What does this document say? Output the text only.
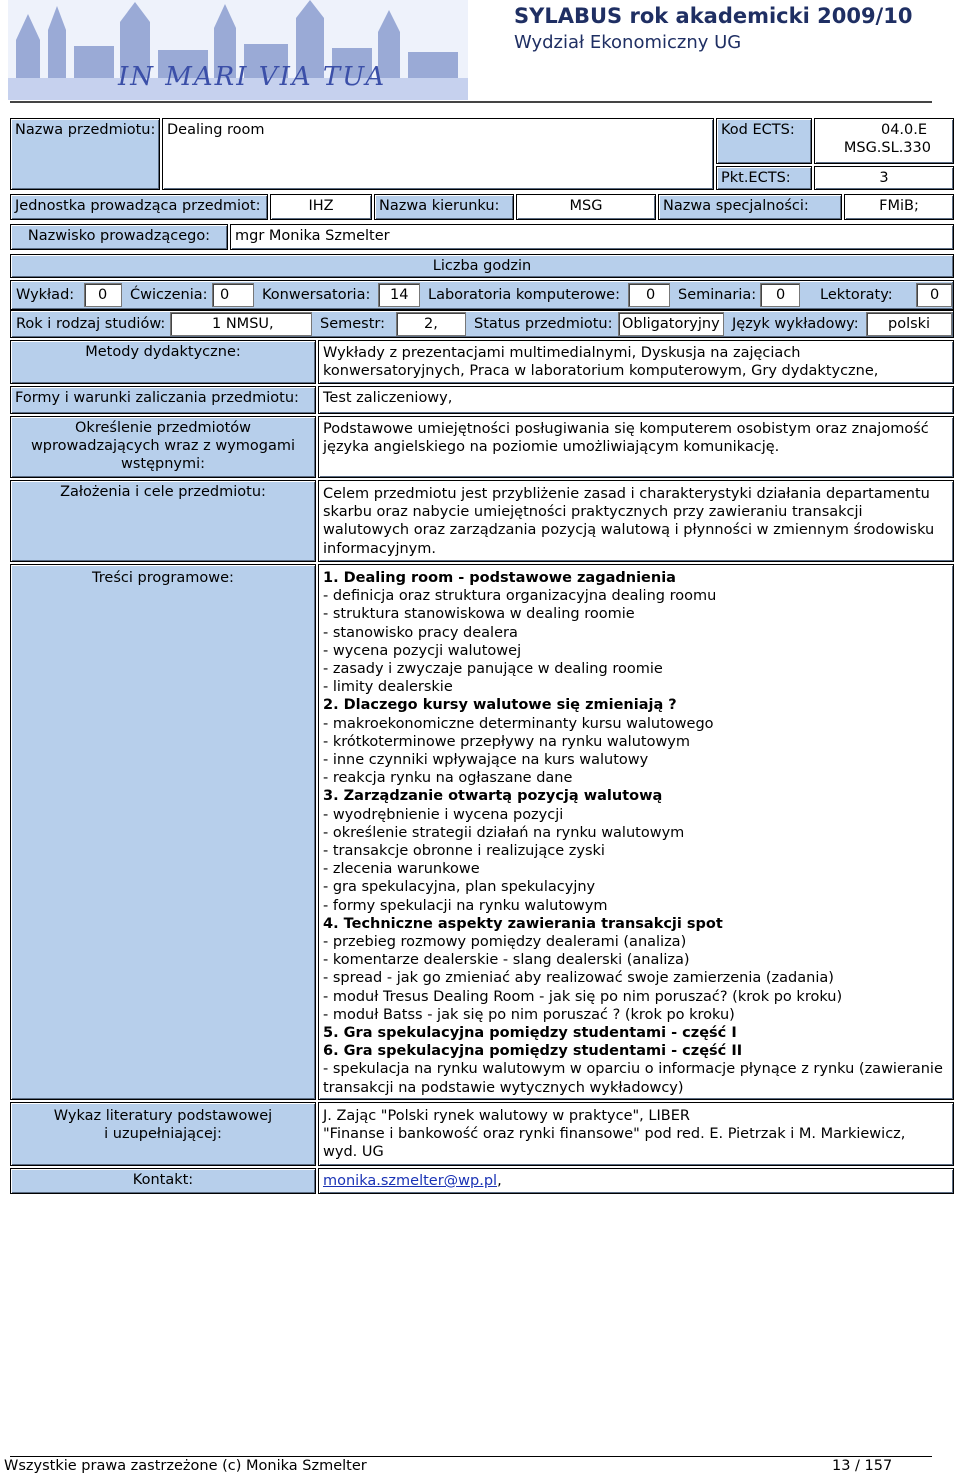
IN MARI VIA TUA
SYLABUS rok akademicki 2009/10
Wydział Ekonomiczny UG
Nazwa przedmiotu: Dealing room	Kod ECTS:	04.0.E
MSG.SL.330
Pkt.ECTS:	3
Jednostka prowadząca przedmiot:	IHZ	Nazwa kierunku:	MSG	Nazwa specjalności:	FMiB;
Nazwisko prowadzącego:	mgr Monika Szmelter
Liczba godzin
Wykład: 0 Ćwiczenia: 0 Konwersatoria: 14 Laboratoria komputerowe: 0 Seminaria: 0 Lektoraty:	0
Rok i rodzaj studiów:	1 NMSU,	Semestr:	2, Status przedmiotu: Obligatoryjny Język wykładowy: polski
Metody dydaktyczne:	Wykłady z prezentacjami multimedialnymi, Dyskusja na zajęciach
konwersatoryjnych, Praca w laboratorium komputerowym, Gry dydaktyczne,
Formy i warunki zaliczania przedmiotu:	Test zaliczeniowy,
Określenie przedmiotów
wprowadzających wraz z wymogami
wstępnymi:
Podstawowe umiejętności posługiwania się komputerem osobistym oraz znajomość
języka angielskiego na poziomie umożliwiającym komunikację.
Założenia i cele przedmiotu:	Celem przedmiotu jest przybliżenie zasad i charakterystyki działania departamentu
skarbu oraz nabycie umiejętności praktycznych przy zawieraniu transakcji
walutowych oraz zarządzania pozycją walutową i płynności w zmiennym środowisku
informacyjnym.
Treści programowe:	1. Dealing room - podstawowe zagadnienia
- definicja oraz struktura organizacyjna dealing roomu
- struktura stanowiskowa w dealing roomie
- stanowisko pracy dealera
- wycena pozycji walutowej
- zasady i zwyczaje panujące w dealing roomie
- limity dealerskie
2. Dlaczego kursy walutowe się zmieniają ?
- makroekonomiczne determinanty kursu walutowego
- krótkoterminowe przepływy na rynku walutowym
- inne czynniki wpływające na kurs walutowy
- reakcja rynku na ogłaszane dane
3. Zarządzanie otwartą pozycją walutową
- wyodrębnienie i wycena pozycji
- określenie strategii działań na rynku walutowym
- transakcje obronne i realizujące zyski
- zlecenia warunkowe
- gra spekulacyjna, plan spekulacyjny
- formy spekulacji na rynku walutowym
4. Techniczne aspekty zawierania transakcji spot
- przebieg rozmowy pomiędzy dealerami (analiza)
- komentarze dealerskie - slang dealerski (analiza)
- spread - jak go zmieniać aby realizować swoje zamierzenia (zadania)
- moduł Tresus Dealing Room - jak się po nim poruszać? (krok po kroku)
- moduł Batss - jak się po nim poruszać ? (krok po kroku)
5. Gra spekulacyjna pomiędzy studentami - część I
6. Gra spekulacyjna pomiędzy studentami - część II
- spekulacja na rynku walutowym w oparciu o informacje płynące z rynku (zawieranie
transakcji na podstawie wytycznych wykładowcy)
Wykaz literatury podstawowej
i uzupełniającej:
J. Zając "Polski rynek walutowy w praktyce", LIBER
"Finanse i bankowość oraz rynki finansowe" pod red. E. Pietrzak i M. Markiewicz,
wyd. UG
Kontakt:	monika.szmelter@wp.pl,
Wszystkie prawa zastrzeżone (c) Monika Szmelter	13 / 157
